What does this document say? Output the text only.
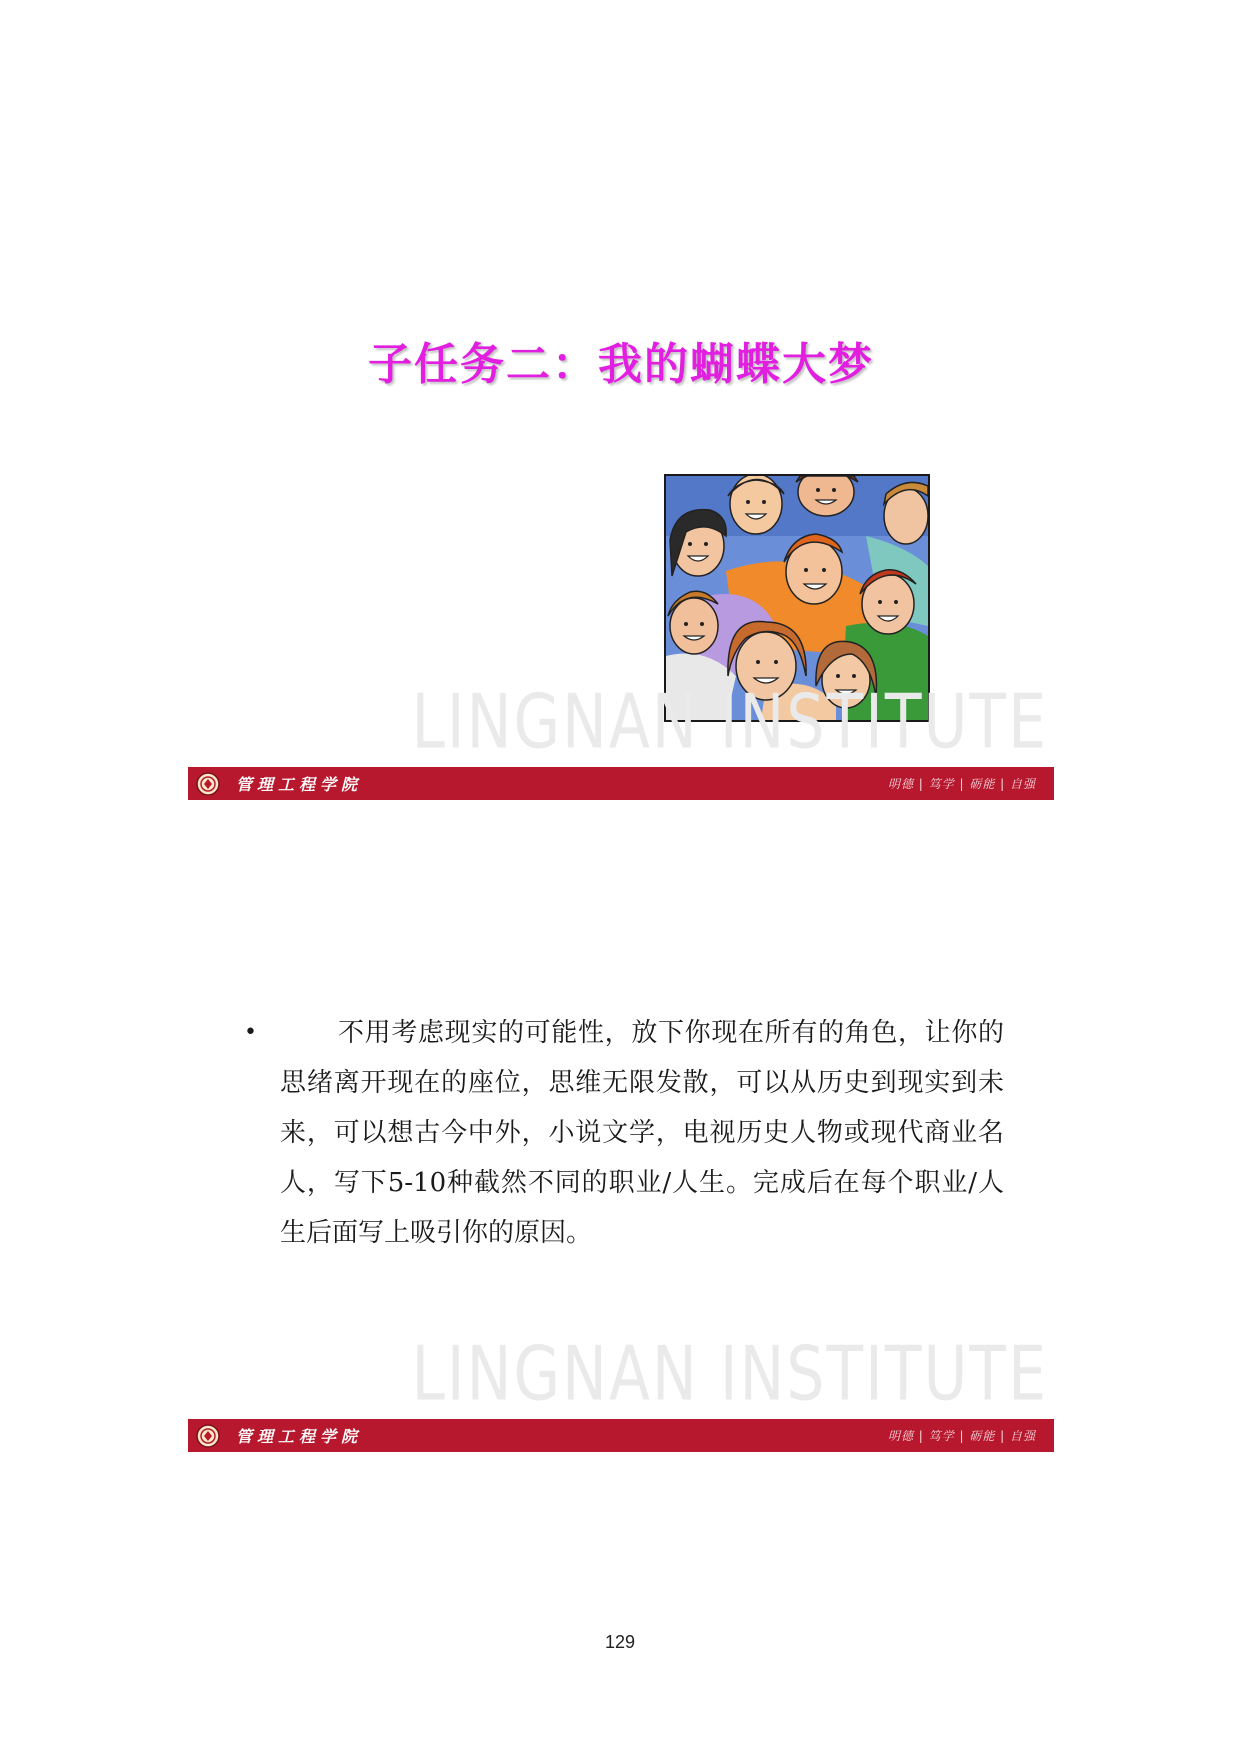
子任务二：我的蝴蝶大梦
LINGNAN INSTITUTE
管理工程学院	明德 | 笃学 | 砺能 | 自强
•	不用考虑现实的可能性，放下你现在所有的角色，让你的思绪离开现在的座位，思维无限发散，可以从历史到现实到未来，可以想古今中外，小说文学，电视历史人物或现代商业名人，写下5-10种截然不同的职业/人生。完成后在每个职业/人生后面写上吸引你的原因。
LINGNAN INSTITUTE
管理工程学院	明德 | 笃学 | 砺能 | 自强
129
